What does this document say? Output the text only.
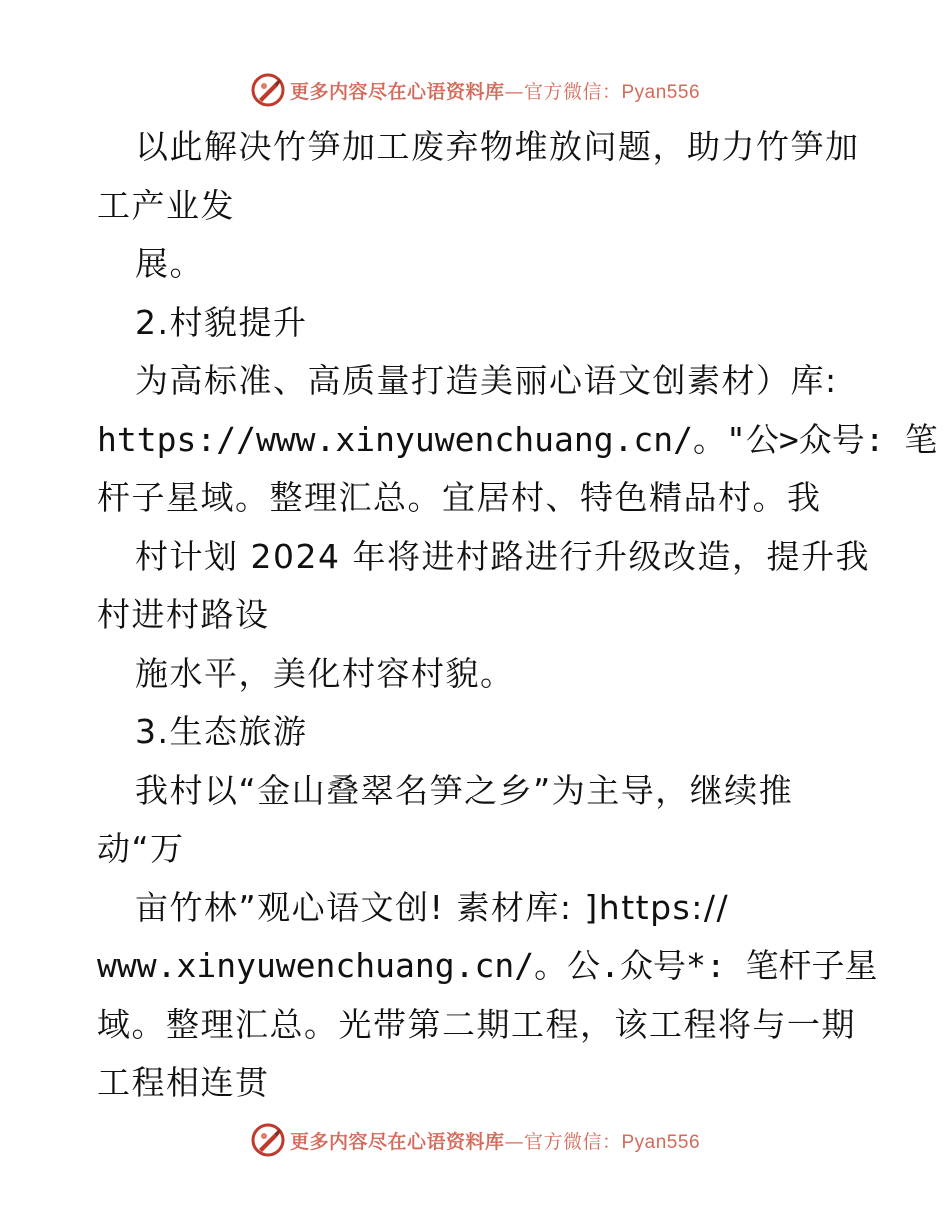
更多内容尽在心语资料库—官方微信：Pyan556
以此解决竹笋加工废弃物堆放问题，助力竹笋加
工产业发
展。
2.村貌提升
为高标准、高质量打造美丽心语文创素材）库:
https://www.xinyuwenchuang.cn/。"公>众号: 笔
杆子星域。整理汇总。宜居村、特色精品村。我
村计划 2024 年将进村路进行升级改造，提升我
村进村路设
施水平，美化村容村貌。
3.生态旅游
我村以“金山叠翠名笋之乡”为主导，继续推
动“万
亩竹林”观心语文创! 素材库: ]https://
www.xinyuwenchuang.cn/。公.众号*: 笔杆子星
域。整理汇总。光带第二期工程，该工程将与一期
工程相连贯
更多内容尽在心语资料库—官方微信：Pyan556
